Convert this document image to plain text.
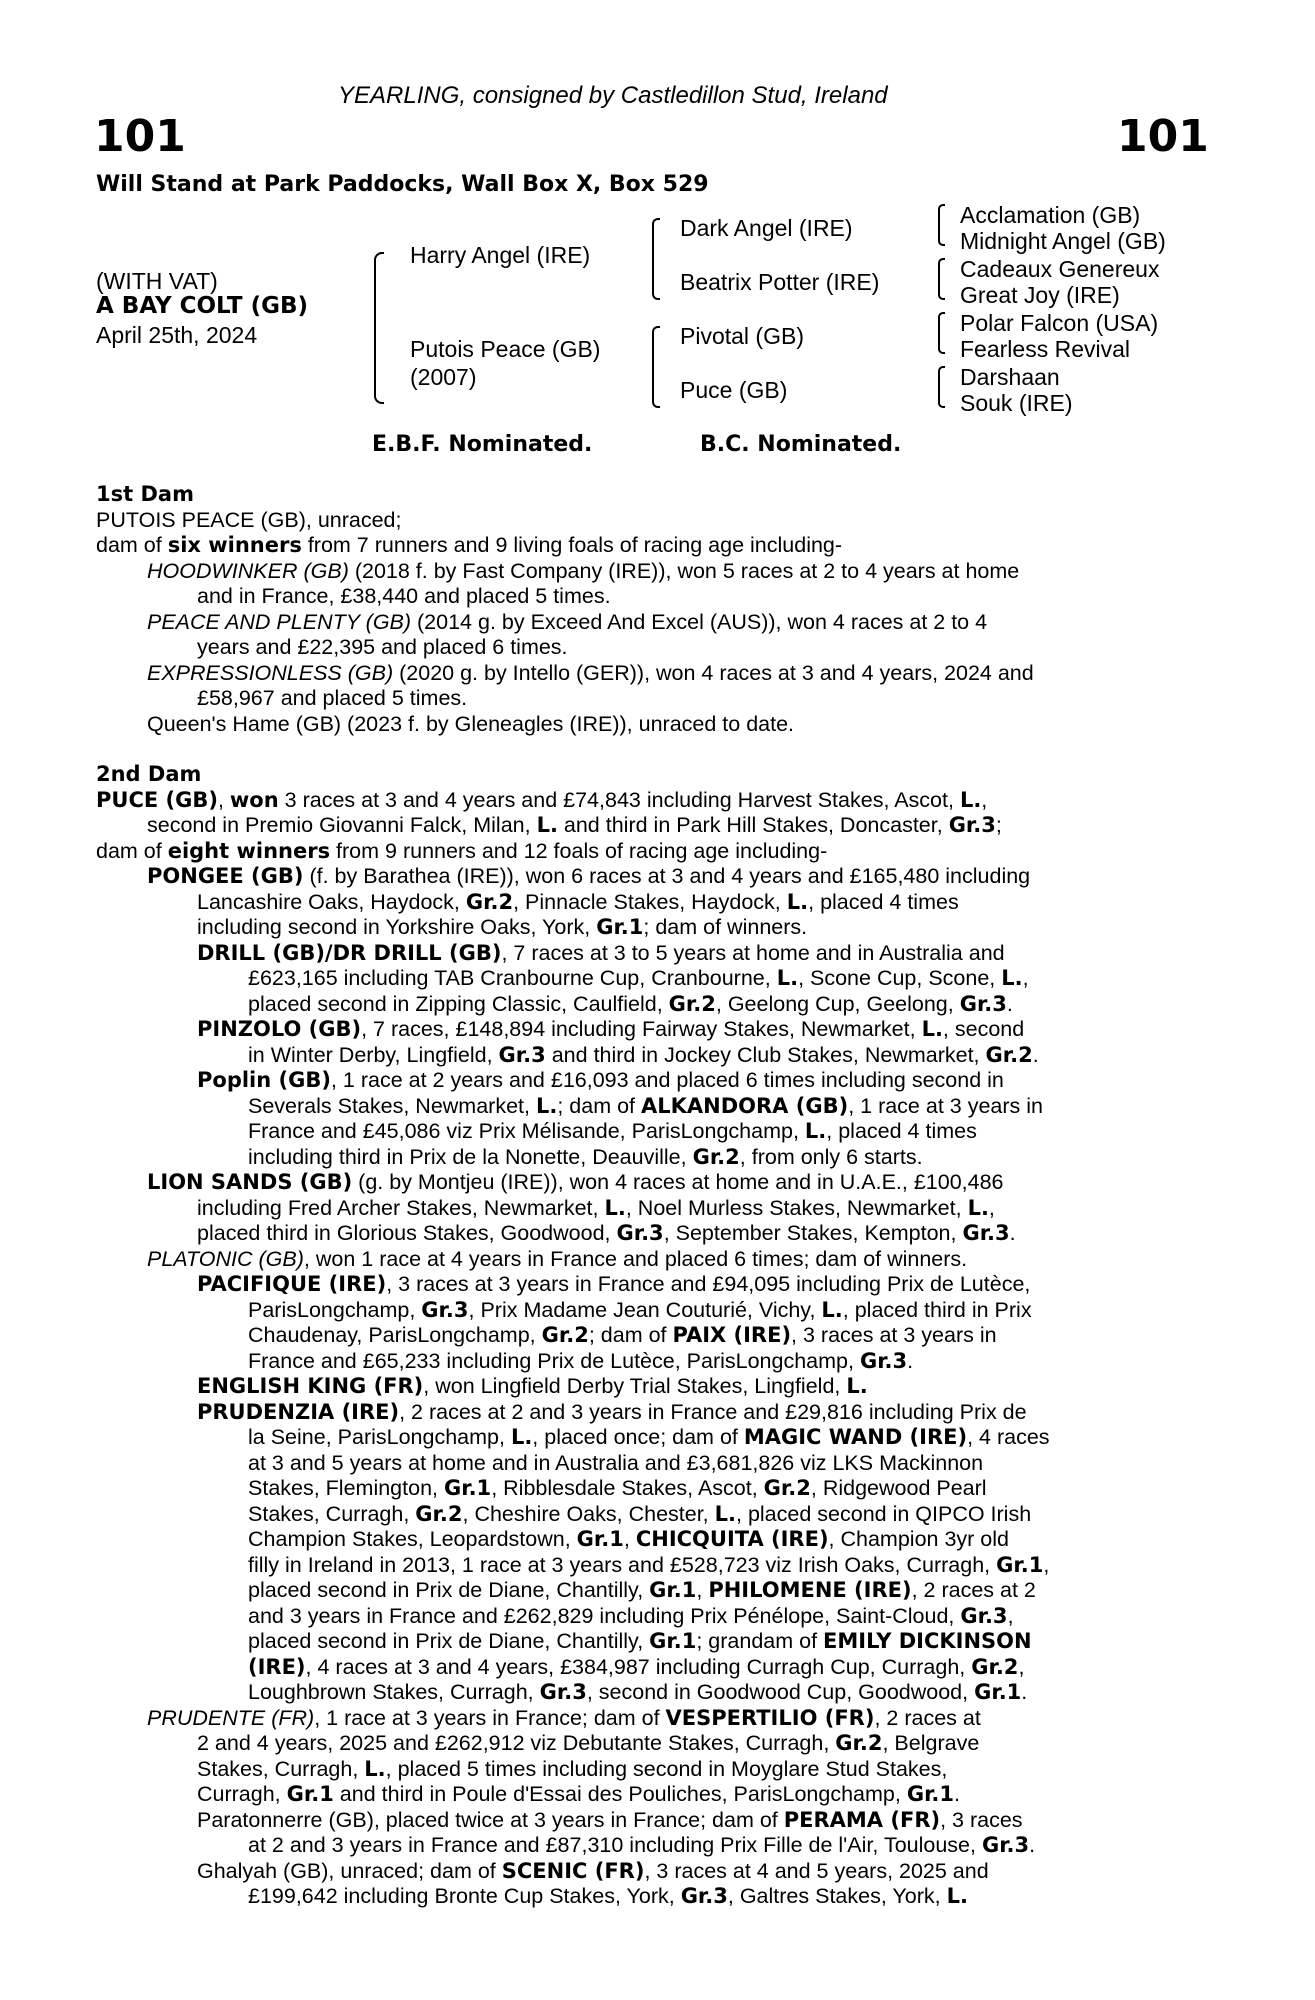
YEARLING, consigned by Castledillon Stud, Ireland
101	101
Will Stand at Park Paddocks, Wall Box X, Box 529
(WITH VAT)
A BAY COLT (GB)
April 25th, 2024
Harry Angel (IRE)
Putois Peace (GB)
(2007)
Dark Angel (IRE)
Beatrix Potter (IRE)
Pivotal (GB)
Puce (GB)
Acclamation (GB)
Midnight Angel (GB)
Cadeaux Genereux
Great Joy (IRE)
Polar Falcon (USA)
Fearless Revival
Darshaan
Souk (IRE)
E.B.F. Nominated.	B.C. Nominated.
1st Dam
PUTOIS PEACE (GB), unraced;
dam of six winners from 7 runners and 9 living foals of racing age including-
HOODWINKER (GB) (2018 f. by Fast Company (IRE)), won 5 races at 2 to 4 years at home
and in France, £38,440 and placed 5 times.
PEACE AND PLENTY (GB) (2014 g. by Exceed And Excel (AUS)), won 4 races at 2 to 4
years and £22,395 and placed 6 times.
EXPRESSIONLESS (GB) (2020 g. by Intello (GER)), won 4 races at 3 and 4 years, 2024 and
£58,967 and placed 5 times.
Queen's Hame (GB) (2023 f. by Gleneagles (IRE)), unraced to date.
2nd Dam
PUCE (GB), won 3 races at 3 and 4 years and £74,843 including Harvest Stakes, Ascot, L.,
second in Premio Giovanni Falck, Milan, L. and third in Park Hill Stakes, Doncaster, Gr.3;
dam of eight winners from 9 runners and 12 foals of racing age including-
PONGEE (GB) (f. by Barathea (IRE)), won 6 races at 3 and 4 years and £165,480 including
Lancashire Oaks, Haydock, Gr.2, Pinnacle Stakes, Haydock, L., placed 4 times
including second in Yorkshire Oaks, York, Gr.1; dam of winners.
DRILL (GB)/DR DRILL (GB), 7 races at 3 to 5 years at home and in Australia and
£623,165 including TAB Cranbourne Cup, Cranbourne, L., Scone Cup, Scone, L.,
placed second in Zipping Classic, Caulfield, Gr.2, Geelong Cup, Geelong, Gr.3.
PINZOLO (GB), 7 races, £148,894 including Fairway Stakes, Newmarket, L., second
in Winter Derby, Lingfield, Gr.3 and third in Jockey Club Stakes, Newmarket, Gr.2.
Poplin (GB), 1 race at 2 years and £16,093 and placed 6 times including second in
Severals Stakes, Newmarket, L.; dam of ALKANDORA (GB), 1 race at 3 years in
France and £45,086 viz Prix Mélisande, ParisLongchamp, L., placed 4 times
including third in Prix de la Nonette, Deauville, Gr.2, from only 6 starts.
LION SANDS (GB) (g. by Montjeu (IRE)), won 4 races at home and in U.A.E., £100,486
including Fred Archer Stakes, Newmarket, L., Noel Murless Stakes, Newmarket, L.,
placed third in Glorious Stakes, Goodwood, Gr.3, September Stakes, Kempton, Gr.3.
PLATONIC (GB), won 1 race at 4 years in France and placed 6 times; dam of winners.
PACIFIQUE (IRE), 3 races at 3 years in France and £94,095 including Prix de Lutèce,
ParisLongchamp, Gr.3, Prix Madame Jean Couturié, Vichy, L., placed third in Prix
Chaudenay, ParisLongchamp, Gr.2; dam of PAIX (IRE), 3 races at 3 years in
France and £65,233 including Prix de Lutèce, ParisLongchamp, Gr.3.
ENGLISH KING (FR), won Lingfield Derby Trial Stakes, Lingfield, L.
PRUDENZIA (IRE), 2 races at 2 and 3 years in France and £29,816 including Prix de
la Seine, ParisLongchamp, L., placed once; dam of MAGIC WAND (IRE), 4 races
at 3 and 5 years at home and in Australia and £3,681,826 viz LKS Mackinnon
Stakes, Flemington, Gr.1, Ribblesdale Stakes, Ascot, Gr.2, Ridgewood Pearl
Stakes, Curragh, Gr.2, Cheshire Oaks, Chester, L., placed second in QIPCO Irish
Champion Stakes, Leopardstown, Gr.1, CHICQUITA (IRE), Champion 3yr old
filly in Ireland in 2013, 1 race at 3 years and £528,723 viz Irish Oaks, Curragh, Gr.1,
placed second in Prix de Diane, Chantilly, Gr.1, PHILOMENE (IRE), 2 races at 2
and 3 years in France and £262,829 including Prix Pénélope, Saint-Cloud, Gr.3,
placed second in Prix de Diane, Chantilly, Gr.1; grandam of EMILY DICKINSON
(IRE), 4 races at 3 and 4 years, £384,987 including Curragh Cup, Curragh, Gr.2,
Loughbrown Stakes, Curragh, Gr.3, second in Goodwood Cup, Goodwood, Gr.1.
PRUDENTE (FR), 1 race at 3 years in France; dam of VESPERTILIO (FR), 2 races at
2 and 4 years, 2025 and £262,912 viz Debutante Stakes, Curragh, Gr.2, Belgrave
Stakes, Curragh, L., placed 5 times including second in Moyglare Stud Stakes,
Curragh, Gr.1 and third in Poule d'Essai des Pouliches, ParisLongchamp, Gr.1.
Paratonnerre (GB), placed twice at 3 years in France; dam of PERAMA (FR), 3 races
at 2 and 3 years in France and £87,310 including Prix Fille de l'Air, Toulouse, Gr.3.
Ghalyah (GB), unraced; dam of SCENIC (FR), 3 races at 4 and 5 years, 2025 and
£199,642 including Bronte Cup Stakes, York, Gr.3, Galtres Stakes, York, L.
